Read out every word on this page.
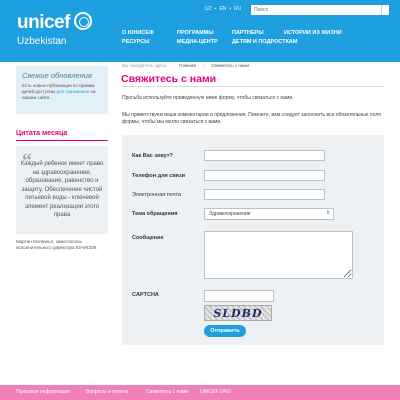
unicef
Uzbekistan
UZ • EN • RU
Поиск
О ЮНИСЕФ	ПРОГРАММЫ	ПАРТНЕРЫ	ИСТОРИИ ИЗ ЖИЗНИ
РЕСУРСЫ	МЕДИА-ЦЕНТР	ДЕТЯМ И ПОДРОСТКАМ
Свежие обновления

Есть новые публикации по правам детей доступны для скачивания на нашем сайте.

Цитата месяца
“
Каждый ребенок имеет право на здравоохранение, образование, равенство и защиту. Обеспечение чистой питьевой воды - ключевой элемент реализации этого права
Мартин Могванья, заместитель исполнительного директора ЮНИСЕФ.
Вы находитесь здесь:	Главная » Свяжитесь с нами
Свяжитесь с нами
Просьба используйте приведенную ниже форму, чтобы связаться с нами.
Мы приветствуем ваши комментарии и предложения. Помните, вам следует заполнить все обязательные поля формы, чтобы мы могли связаться с вами.
Как Вас зовут?
Телефон для связи
Электронная почта
Тема обращения	Здравоохранение	⇕
Сообщение
CAPTCHA
SLDBD
Отправить
Правовая информация	Вопросы и ответы	Свяжитесь с нами UNICEF.ORG
